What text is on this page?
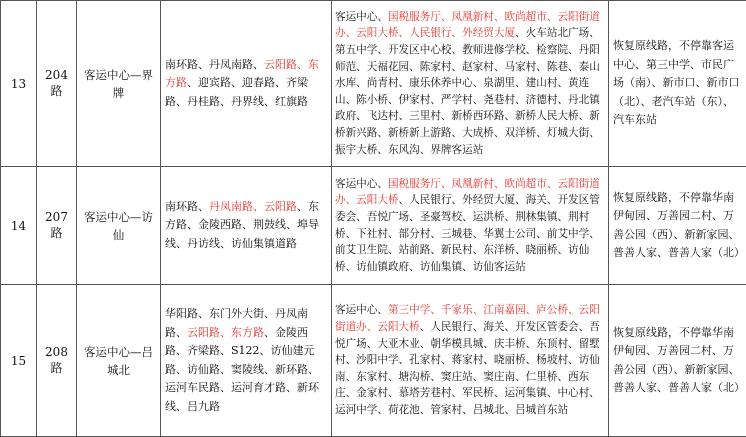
13	204 路	客运中心—界牌	南环路、丹凤南路、云阳路、东方路、迎宾路、迎春路、齐梁路、丹桂路、丹界线、红旗路	客运中心、国税服务厅、凤凰新村、欧尚超市、云阳街道办、云阳大桥、人民银行、外经贸大厦、火车站北广场、第五中学、开发区中心校、教师进修学校、检察院、丹阳师范、天福花园、陈家村、赵家村、马家村、陈巷、泰山水库、尚青村、康乐休养中心、泉湖里、建山村、黄连山、陈小桥、伊家村、严学村、尧巷村、济德村、丹北镇政府、飞达村、三里村、新桥西环路、新桥人民大桥、新桥新兴路、新桥新上游路、大成桥、双洋桥、灯城大街、振宇大桥、东风沟、界牌客运站	恢复原线路，不停靠客运中心、第三中学、市民广场（南）、新市口、新市口（北）、老汽车站（东）、汽车东站
14	207 路	客运中心—访仙	南环路、丹凤南路、云阳路、东方路、金陵西路、荆鼓线、埠导线、丹访线、访仙集镇道路	客运中心、国税服务厅、凤凰新村、欧尚超市、云阳街道办、云阳大桥、人民银行、外经贸大厦、海关、开发区管委会、吾悦广场、圣豪驾校、运洪桥、荆林集镇、荆村桥、下社村、部分村、三城巷、华翼士公司、前艾中学、前艾卫生院、站前路、新民村、东洋桥、晓丽桥、访仙桥、访仙镇政府、访仙集镇、访仙客运站	恢复原线路，不停靠华南伊甸园、万善园二村、万善公园（西）、新新家园、普善人家、普善人家（北）
15	208 路	客运中心—吕城北	华阳路、东门外大街、丹凤南路、云阳路、东方路、金陵西路、齐梁路、S122、访仙建元路、访仙路、窦陵线、新环路、运河车民路、运河育才路、新环线、吕九路	客运中心、第三中学、千家乐、江南嘉园、庐公桥、云阳街道办、云阳大桥、人民银行、海关、开发区管委会、吾悦广场、大亚木业、朝华模具城、庆丰桥、东顶村、留墅村、沙阳中学、孔家村、蒋家村、晓丽桥、杨坡村、访仙南、东家村、塘沟桥、窦庄站、窦庄南、仁里桥、西东庄、金家村、慕塔芳巷村、军民桥、运河集镇、中心村、运河中学、荷花池、管家村、吕城北、吕城首东站	恢复原线路，不停靠华南伊甸园、万善园二村、万善公园（西）、新新家园、普善人家、普善人家（北）
